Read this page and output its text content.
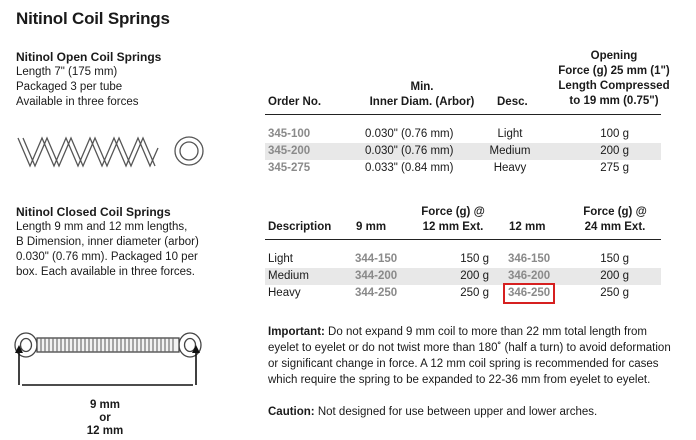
Nitinol Coil Springs
Nitinol Open Coil Springs
Length 7" (175 mm)
Packaged 3 per tube
Available in three forces	Order No.
Min.
Inner Diam. (Arbor)	Desc.
Opening
Force (g) 25 mm (1")
Length Compressed
to 19 mm (0.75")
345-100	0.030" (0.76 mm)	Light	100 g
345-200	0.030" (0.76 mm)	Medium	200 g
345-275	0.033" (0.84 mm)	Heavy	275 g
Nitinol Closed Coil Springs
Length 9 mm and 12 mm lengths,
B Dimension, inner diameter (arbor)
0.030" (0.76 mm). Packaged 10 per
box. Each available in three forces.
9 mm
or
12 mm
Description 9 mm
Force (g) @
12 mm Ext.	12 mm
Force (g) @
24 mm Ext.
Light	344-150	150 g 346-150	150 g
Medium	344-200	200 g 346-200	200 g
Heavy	344-250	250 g 346-250	250 g
Important: Do not expand 9 mm coil to more than 22 mm total length from eyelet to eyelet or do not twist more than 180˚ (half a turn) to avoid deformation or significant change in force. A 12 mm coil spring is recommended for cases which require the spring to be expanded to 22-36 mm from eyelet to eyelet.
Caution: Not designed for use between upper and lower arches.
